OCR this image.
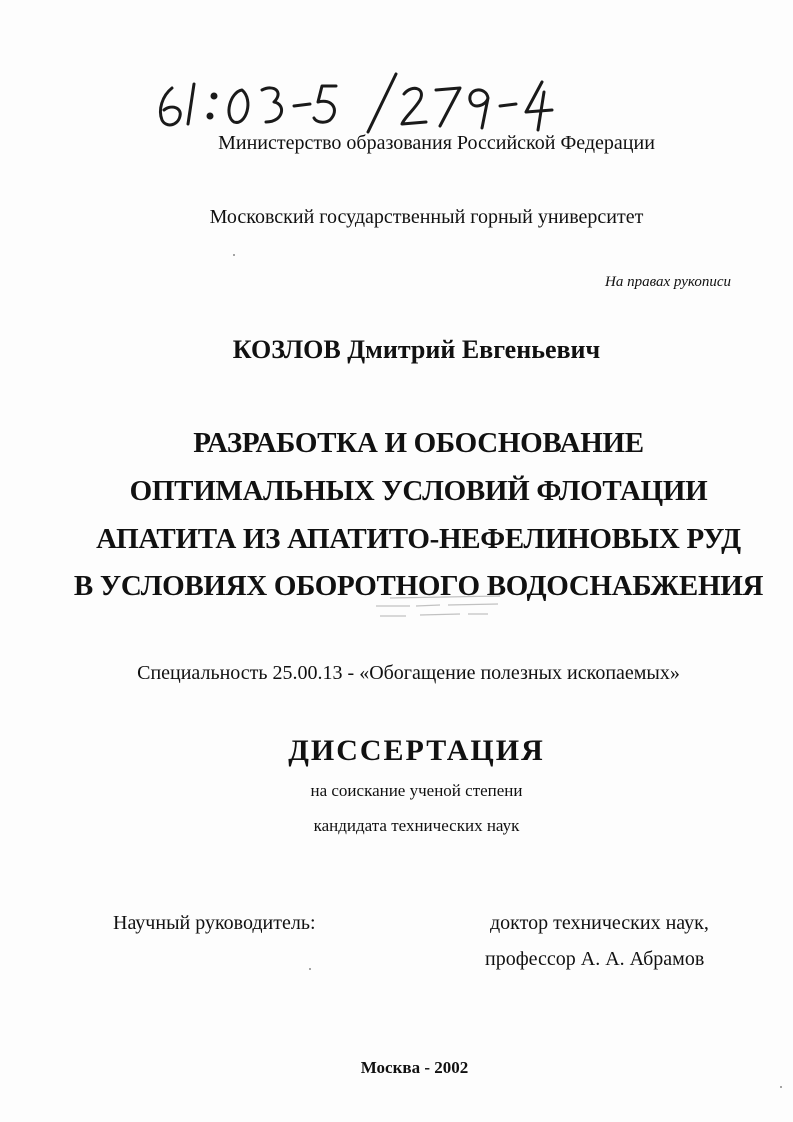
Министерство образования Российской Федерации
Московский государственный горный университет
На правах рукописи
КОЗЛОВ Дмитрий Евгеньевич
РАЗРАБОТКА И ОБОСНОВАНИЕ
ОПТИМАЛЬНЫХ УСЛОВИЙ ФЛОТАЦИИ
АПАТИТА ИЗ АПАТИТО-НЕФЕЛИНОВЫХ РУД
В УСЛОВИЯХ ОБОРОТНОГО ВОДОСНАБЖЕНИЯ
Специальность 25.00.13 - «Обогащение полезных ископаемых»
ДИССЕРТАЦИЯ
на соискание ученой степени
кандидата технических наук
Научный руководитель:	доктор технических наук,
профессор А. А. Абрамов
Москва - 2002
